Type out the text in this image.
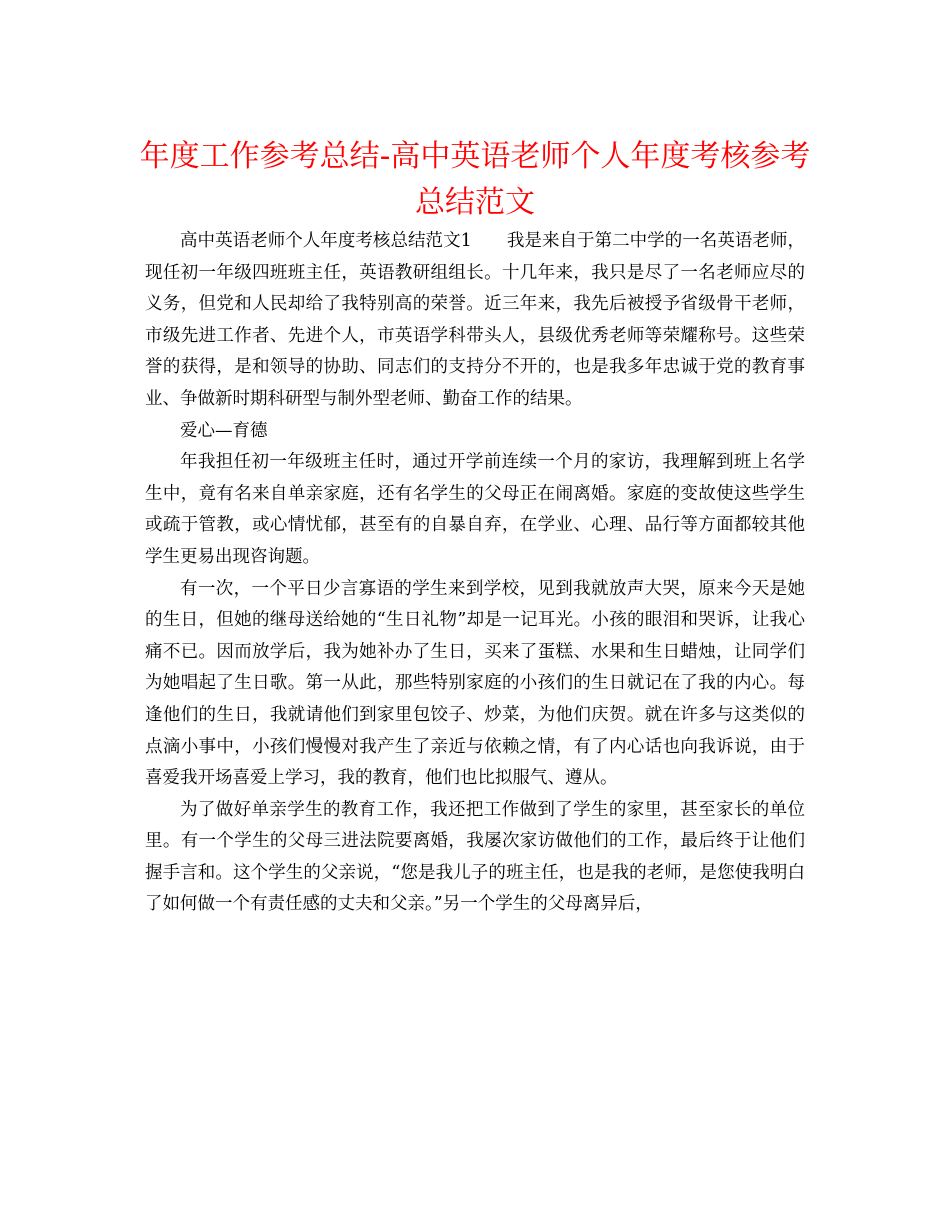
年度工作参考总结-高中英语老师个人年度考核参考总结范文

高中英语老师个人年度考核总结范文1　　我是来自于第二中学的一名英语老师，现任初一年级四班班主任，英语教研组组长。十几年来，我只是尽了一名老师应尽的义务，但党和人民却给了我特别高的荣誉。近三年来，我先后被授予省级骨干老师，市级先进工作者、先进个人，市英语学科带头人，县级优秀老师等荣耀称号。这些荣誉的获得，是和领导的协助、同志们的支持分不开的，也是我多年忠诚于党的教育事业、争做新时期科研型与制外型老师、勤奋工作的结果。

爱心—育德

年我担任初一年级班主任时，通过开学前连续一个月的家访，我理解到班上名学生中，竟有名来自单亲家庭，还有名学生的父母正在闹离婚。家庭的变故使这些学生或疏于管教，或心情忧郁，甚至有的自暴自弃，在学业、心理、品行等方面都较其他学生更易出现咨询题。

有一次，一个平日少言寡语的学生来到学校，见到我就放声大哭，原来今天是她的生日，但她的继母送给她的“生日礼物”却是一记耳光。小孩的眼泪和哭诉，让我心痛不已。因而放学后，我为她补办了生日，买来了蛋糕、水果和生日蜡烛，让同学们为她唱起了生日歌。第一从此，那些特别家庭的小孩们的生日就记在了我的内心。每逢他们的生日，我就请他们到家里包饺子、炒菜，为他们庆贺。就在许多与这类似的点滴小事中，小孩们慢慢对我产生了亲近与依赖之情，有了内心话也向我诉说，由于喜爱我开场喜爱上学习，我的教育，他们也比拟服气、遵从。

为了做好单亲学生的教育工作，我还把工作做到了学生的家里，甚至家长的单位里。有一个学生的父母三进法院要离婚，我屡次家访做他们的工作，最后终于让他们握手言和。这个学生的父亲说，“您是我儿子的班主任，也是我的老师，是您使我明白了如何做一个有责任感的丈夫和父亲。”另一个学生的父母离异后，
